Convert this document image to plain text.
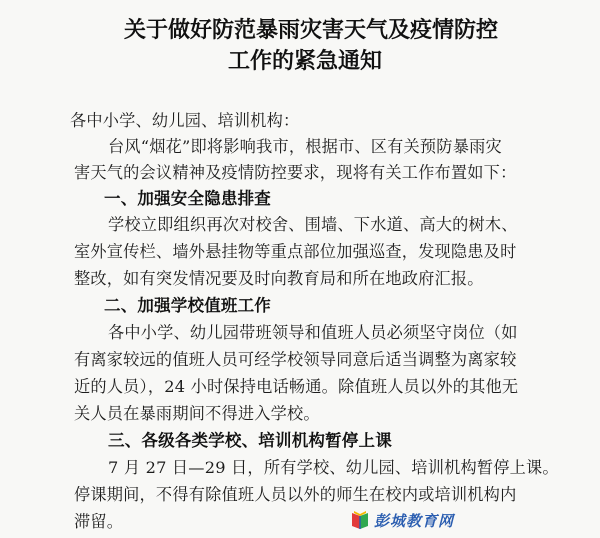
关于做好防范暴雨灾害天气及疫情防控
工作的紧急通知
各中小学、幼儿园、培训机构：
台风“烟花”即将影响我市，根据市、区有关预防暴雨灾
害天气的会议精神及疫情防控要求，现将有关工作布置如下：
一、加强安全隐患排查
学校立即组织再次对校舍、围墙、下水道、高大的树木、
室外宣传栏、墙外悬挂物等重点部位加强巡查，发现隐患及时
整改，如有突发情况要及时向教育局和所在地政府汇报。
二、加强学校值班工作
各中小学、幼儿园带班领导和值班人员必须坚守岗位（如
有离家较远的值班人员可经学校领导同意后适当调整为离家较
近的人员），24 小时保持电话畅通。除值班人员以外的其他无
关人员在暴雨期间不得进入学校。
三、各级各类学校、培训机构暂停上课
7 月 27 日—29 日，所有学校、幼儿园、培训机构暂停上课。
停课期间，不得有除值班人员以外的师生在校内或培训机构内
滞留。	彭城教育网
